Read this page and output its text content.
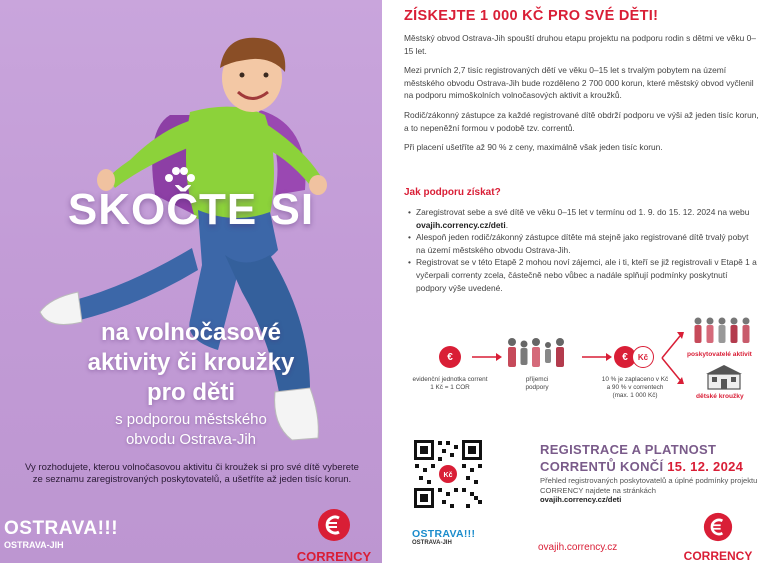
SKOČTE SI
na volnočasové
aktivity či kroužky
pro děti
s podporou městského
obvodu Ostrava-Jih
Vy rozhodujete, kterou volnočasovou aktivitu či kroužek si pro své dítě vyberete ze seznamu zaregistrovaných poskytovatelů, a ušetříte až jeden tisíc korun.
OSTRAVA!!!
OSTRAVA-JIH
CORRENCY
ZÍSKEJTE 1 000 KČ PRO SVÉ DĚTI!

Městský obvod Ostrava-Jih spouští druhou etapu projektu na podporu rodin s dětmi ve věku 0–15 let.

Mezi prvních 2,7 tisíc registrovaných dětí ve věku 0–15 let s trvalým pobytem na území městského obvodu Ostrava-Jih bude rozděleno 2 700 000 korun, které městský obvod vyčlenil na podporu mimoškolních volnočasových aktivit a kroužků.

Rodič/zákonný zástupce za každé registrované dítě obdrží podporu ve výši až jeden tisíc korun, a to nepeněžní formou v podobě tzv. correntů.

Při placení ušetříte až 90 % z ceny, maximálně však jeden tisíc korun.

Jak podporu získat?
• Zaregistrovat sebe a své dítě ve věku 0–15 let v termínu od 1. 9. do 15. 12. 2024 na webu ovajih.corrency.cz/deti.
• Alespoň jeden rodič/zákonný zástupce dítěte má stejně jako registrované dítě trvalý pobyt na území městského obvodu Ostrava-Jih.
• Registrovat se v této Etapě 2 mohou noví zájemci, ale i ti, kteří se již registrovali v Etapě 1 a vyčerpali correnty zcela, částečně nebo vůbec a nadále splňují podmínky poskytnutí podpory výše uvedené.
€
evidenční jednotka corrent
1 Kč = 1 COR
příjemci
podpory
€	Kč
10 % je zaplaceno v Kč
a 90 % v correntech
(max. 1 000 Kč)
poskytovatelé aktivit
dětské kroužky
Kč
REGISTRACE A PLATNOST
CORRENTŮ KONČÍ 15. 12. 2024
Přehled registrovaných poskytovatelů a úplné podmínky projektu CORRENCY najdete na stránkách
ovajih.corrency.cz/deti
OSTRAVA!!!
OSTRAVA-JIH	ovajih.corrency.cz
CORRENCY
